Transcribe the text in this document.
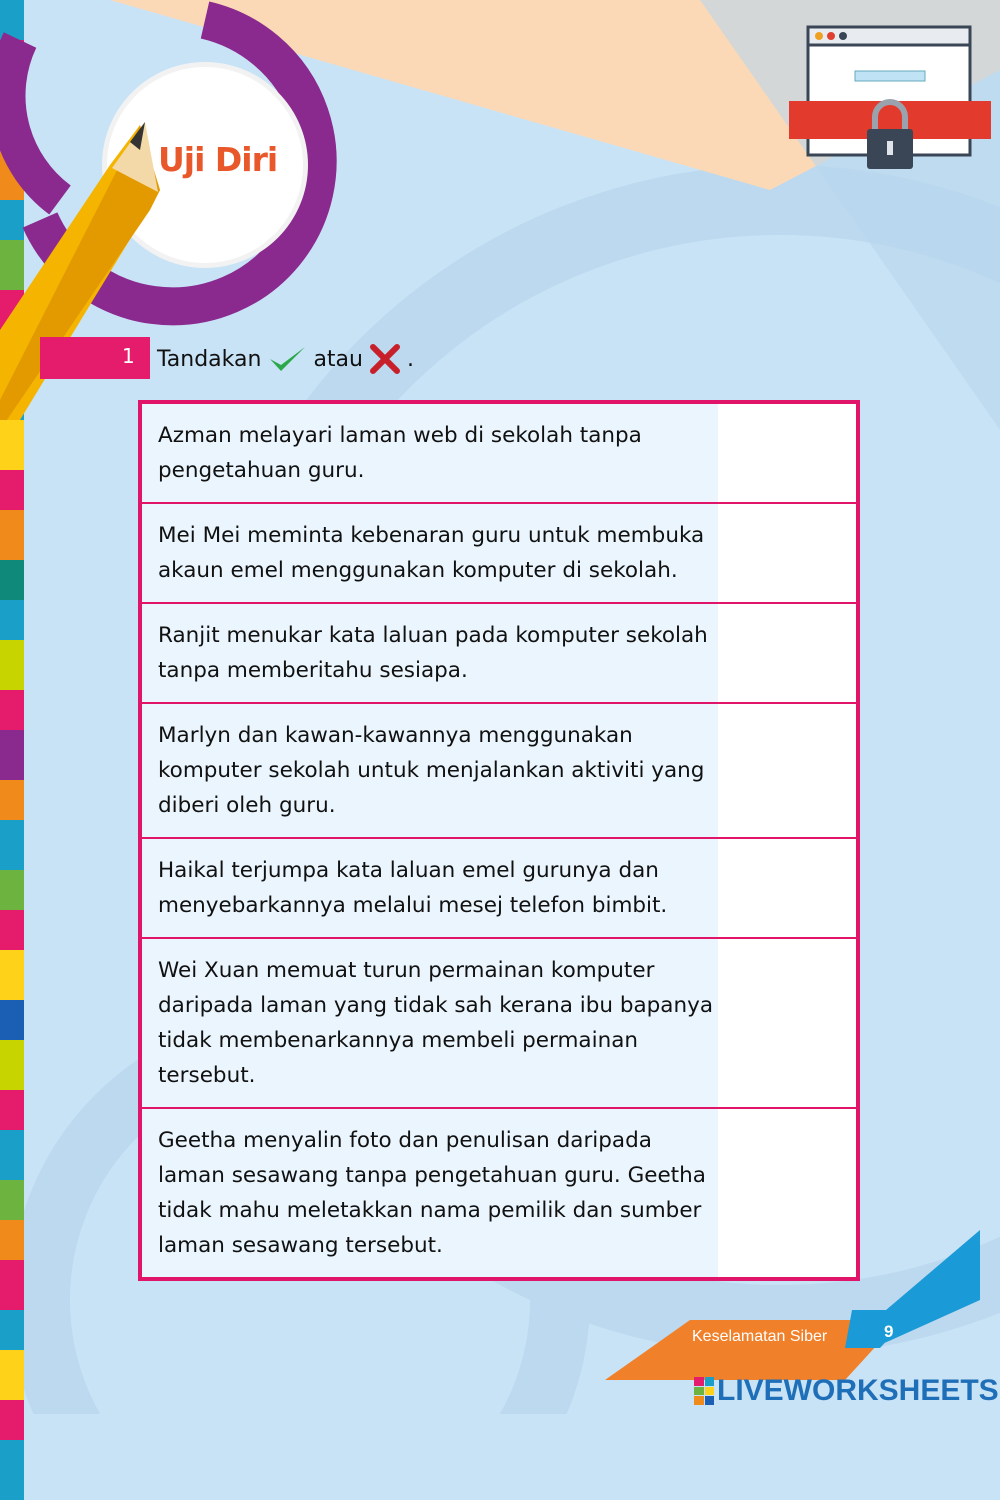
Uji Diri
1 Tandakan atau .
Azman melayari laman web di sekolah tanpa pengetahuan guru.
Mei Mei meminta kebenaran guru untuk membuka akaun emel menggunakan komputer di sekolah.
Ranjit menukar kata laluan pada komputer sekolah tanpa memberitahu sesiapa.
Marlyn dan kawan-kawannya menggunakan komputer sekolah untuk menjalankan aktiviti yang diberi oleh guru.
Haikal terjumpa kata laluan emel gurunya dan menyebarkannya melalui mesej telefon bimbit.
Wei Xuan memuat turun permainan komputer daripada laman yang tidak sah kerana ibu bapanya tidak membenarkannya membeli permainan tersebut.
Geetha menyalin foto dan penulisan daripada laman sesawang tanpa pengetahuan guru. Geetha tidak mahu meletakkan nama pemilik dan sumber laman sesawang tersebut.
Keselamatan Siber	9
LIVEWORKSHEETS
